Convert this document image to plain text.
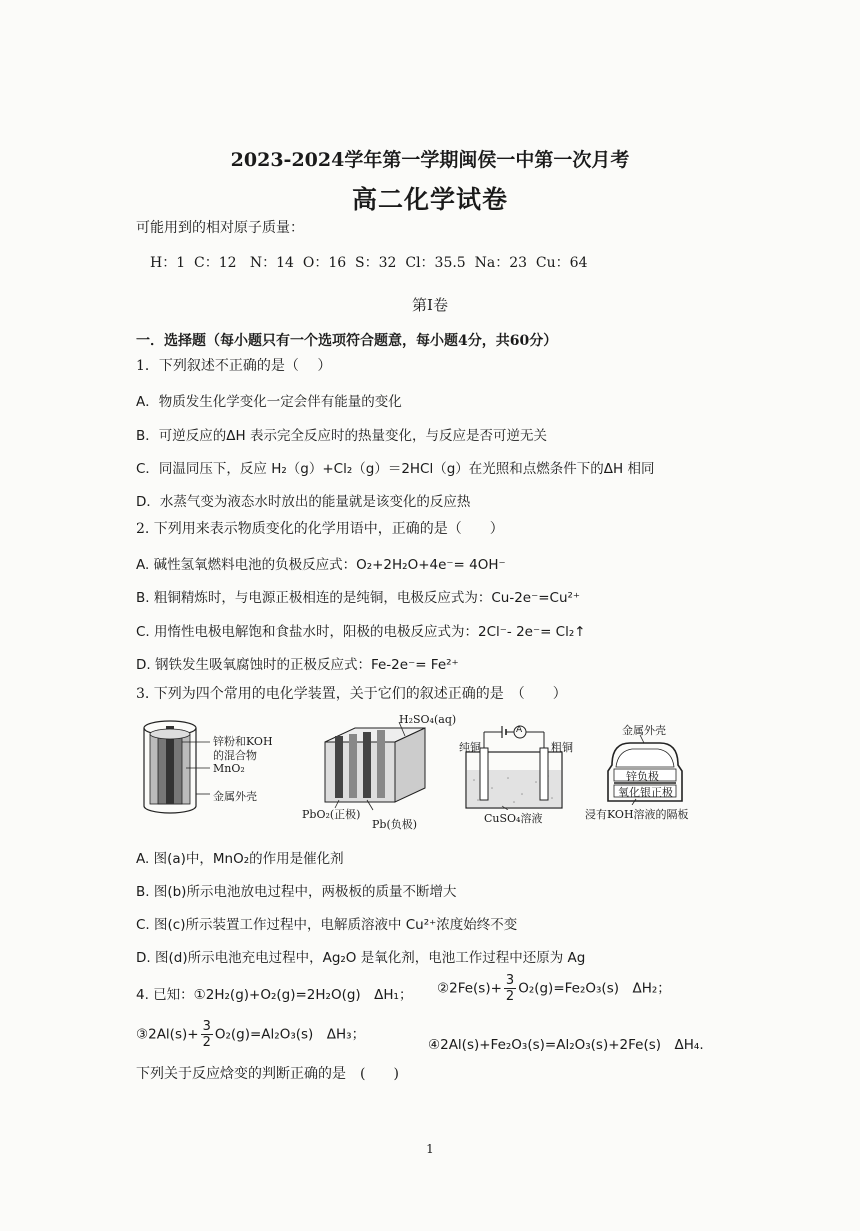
2023-2024学年第一学期闽侯一中第一次月考
高二化学试卷
可能用到的相对原子质量：
H：1  C：12   N：14  O：16  S：32  Cl：35.5  Na：23  Cu：64
第Ⅰ卷
一．选择题（每小题只有一个选项符合题意，每小题4分，共60分）
1．下列叙述不正确的是（　 ）
A．物质发生化学变化一定会伴有能量的变化
B．可逆反应的ΔH 表示完全反应时的热量变化，与反应是否可逆无关
C．同温同压下，反应 H₂（g）+Cl₂（g）＝2HCl（g）在光照和点燃条件下的ΔH 相同
D．水蒸气变为液态水时放出的能量就是该变化的反应热
2. 下列用来表示物质变化的化学用语中，正确的是（　　）
A. 碱性氢氧燃料电池的负极反应式：O₂+2H₂O+4e⁻= 4OH⁻
B. 粗铜精炼时，与电源正极相连的是纯铜，电极反应式为：Cu-2e⁻=Cu²⁺
C. 用惰性电极电解饱和食盐水时，阳极的电极反应式为：2Cl⁻- 2e⁻= Cl₂↑
D. 钢铁发生吸氧腐蚀时的正极反应式：Fe-2e⁻= Fe²⁺
3. 下列为四个常用的电化学装置，关于它们的叙述正确的是　（　　）
锌粉和KOH
的混合物
MnO₂
金属外壳
H₂SO₄(aq)
PbO₂(正极)
Pb(负极)
A
纯铜	粗铜
CuSO₄溶液
金属外壳
锌负极
氧化银正极
浸有KOH溶液的隔板
A. 图(a)中，MnO₂的作用是催化剂
B. 图(b)所示电池放电过程中，两极板的质量不断增大
C. 图(c)所示装置工作过程中，电解质溶液中 Cu²⁺浓度始终不变
D. 图(d)所示电池充电过程中，Ag₂O 是氧化剂，电池工作过程中还原为 Ag
4. 已知：①2H₂(g)+O₂(g)=2H₂O(g)　ΔH₁； ②2Fe(s)+ $\frac{3}{2} O_2(g)=Fe_2O_3(s)$　ΔH₂；
③2Al(s)+ $\frac{3}{2} O_2(g)=Al_2O_3(s)$　ΔH₃；
④2Al(s)+Fe₂O₃(s)=Al₂O₃(s)+2Fe(s)　ΔH₄.
下列关于反应焓变的判断正确的是　(　　)
1
